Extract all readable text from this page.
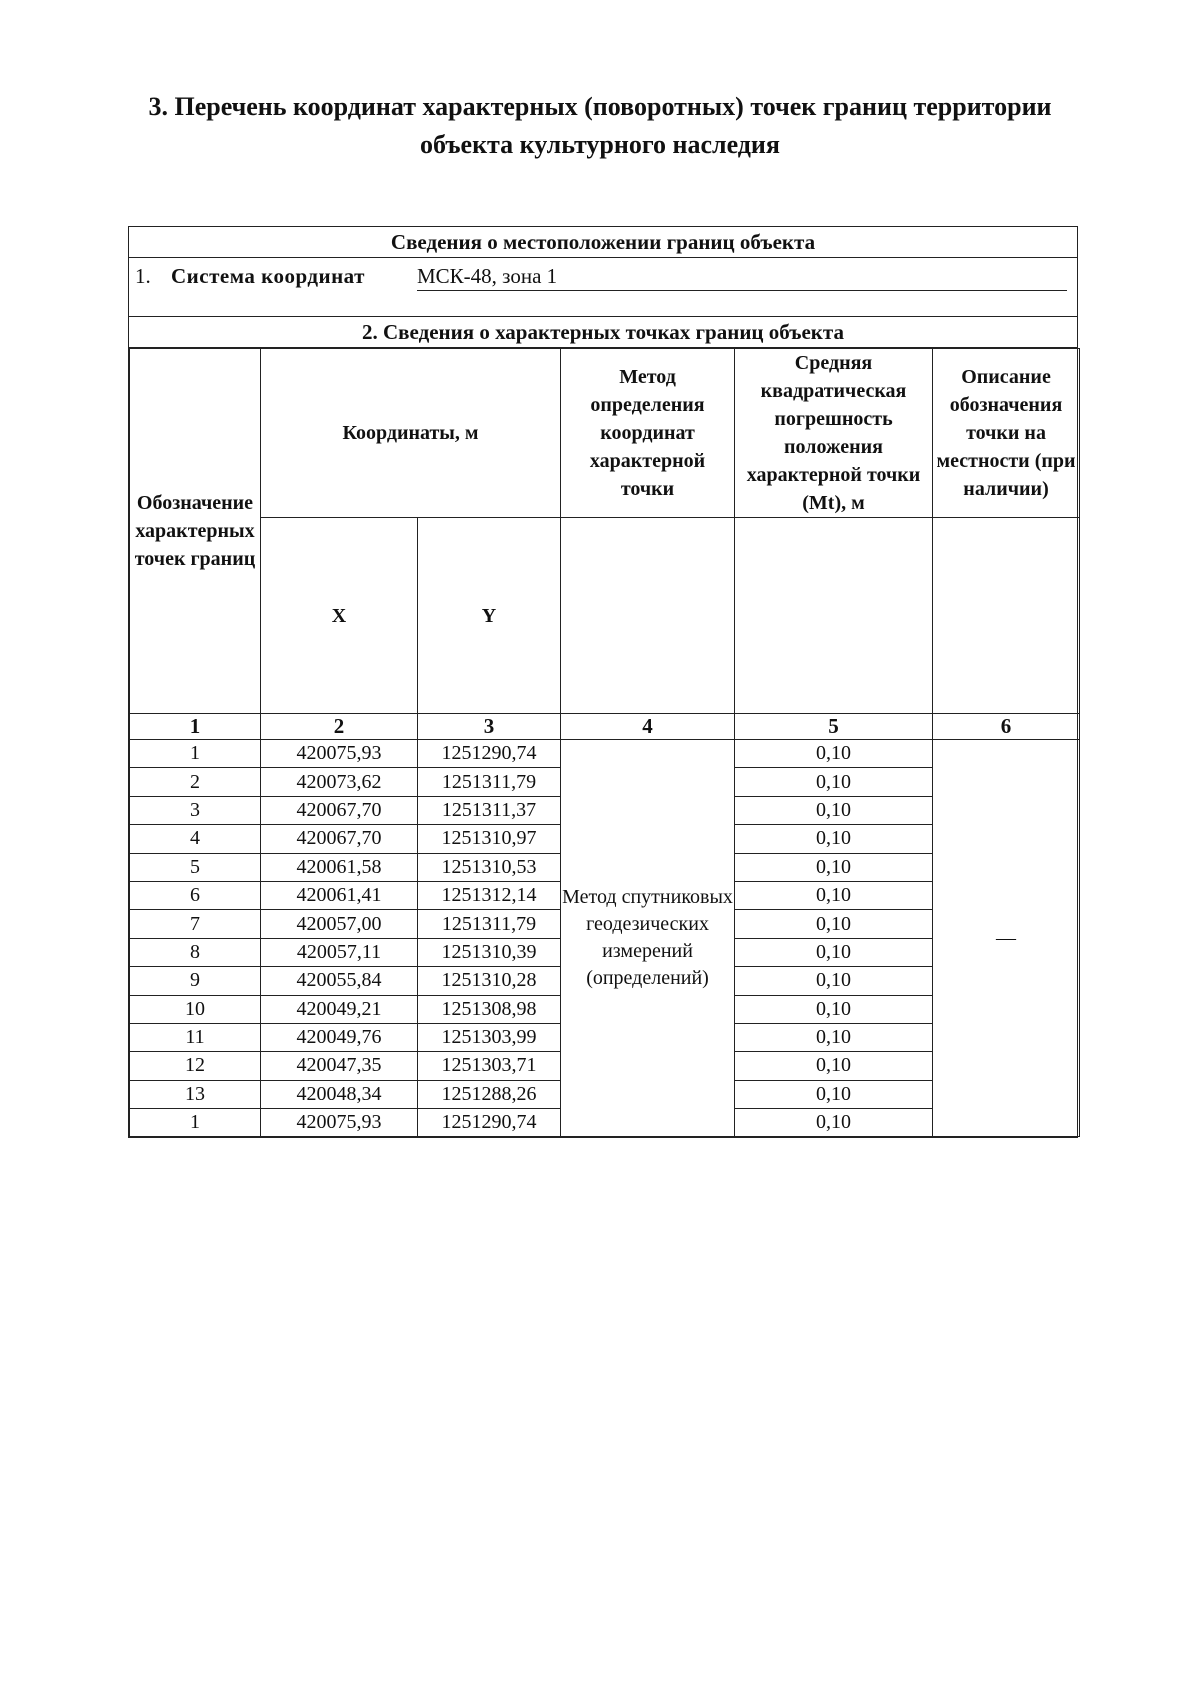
3. Перечень координат характерных (поворотных) точек границ территории
объекта культурного наследия
Сведения о местоположении границ объекта
1. Система координат МСК-48, зона 1
2. Сведения о характерных точках границ объекта
Обозначение характерных точек границ	Координаты, м		Метод определения координат характерной точки	Средняя квадратическая погрешность положения характерной точки (Mt), м	Описание обозначения точки на местности (при наличии)
	X	Y			
1	2	3	4	5	6
1	420075,93	1251290,74	Метод спутниковых геодезических измерений (определений)	0,10	—
2	420073,62	1251311,79		0,10	
3	420067,70	1251311,37		0,10	
4	420067,70	1251310,97		0,10	
5	420061,58	1251310,53		0,10	
6	420061,41	1251312,14		0,10	
7	420057,00	1251311,79		0,10	
8	420057,11	1251310,39		0,10	
9	420055,84	1251310,28		0,10	
10	420049,21	1251308,98		0,10	
11	420049,76	1251303,99		0,10	
12	420047,35	1251303,71		0,10	
13	420048,34	1251288,26		0,10	
1	420075,93	1251290,74		0,10	
